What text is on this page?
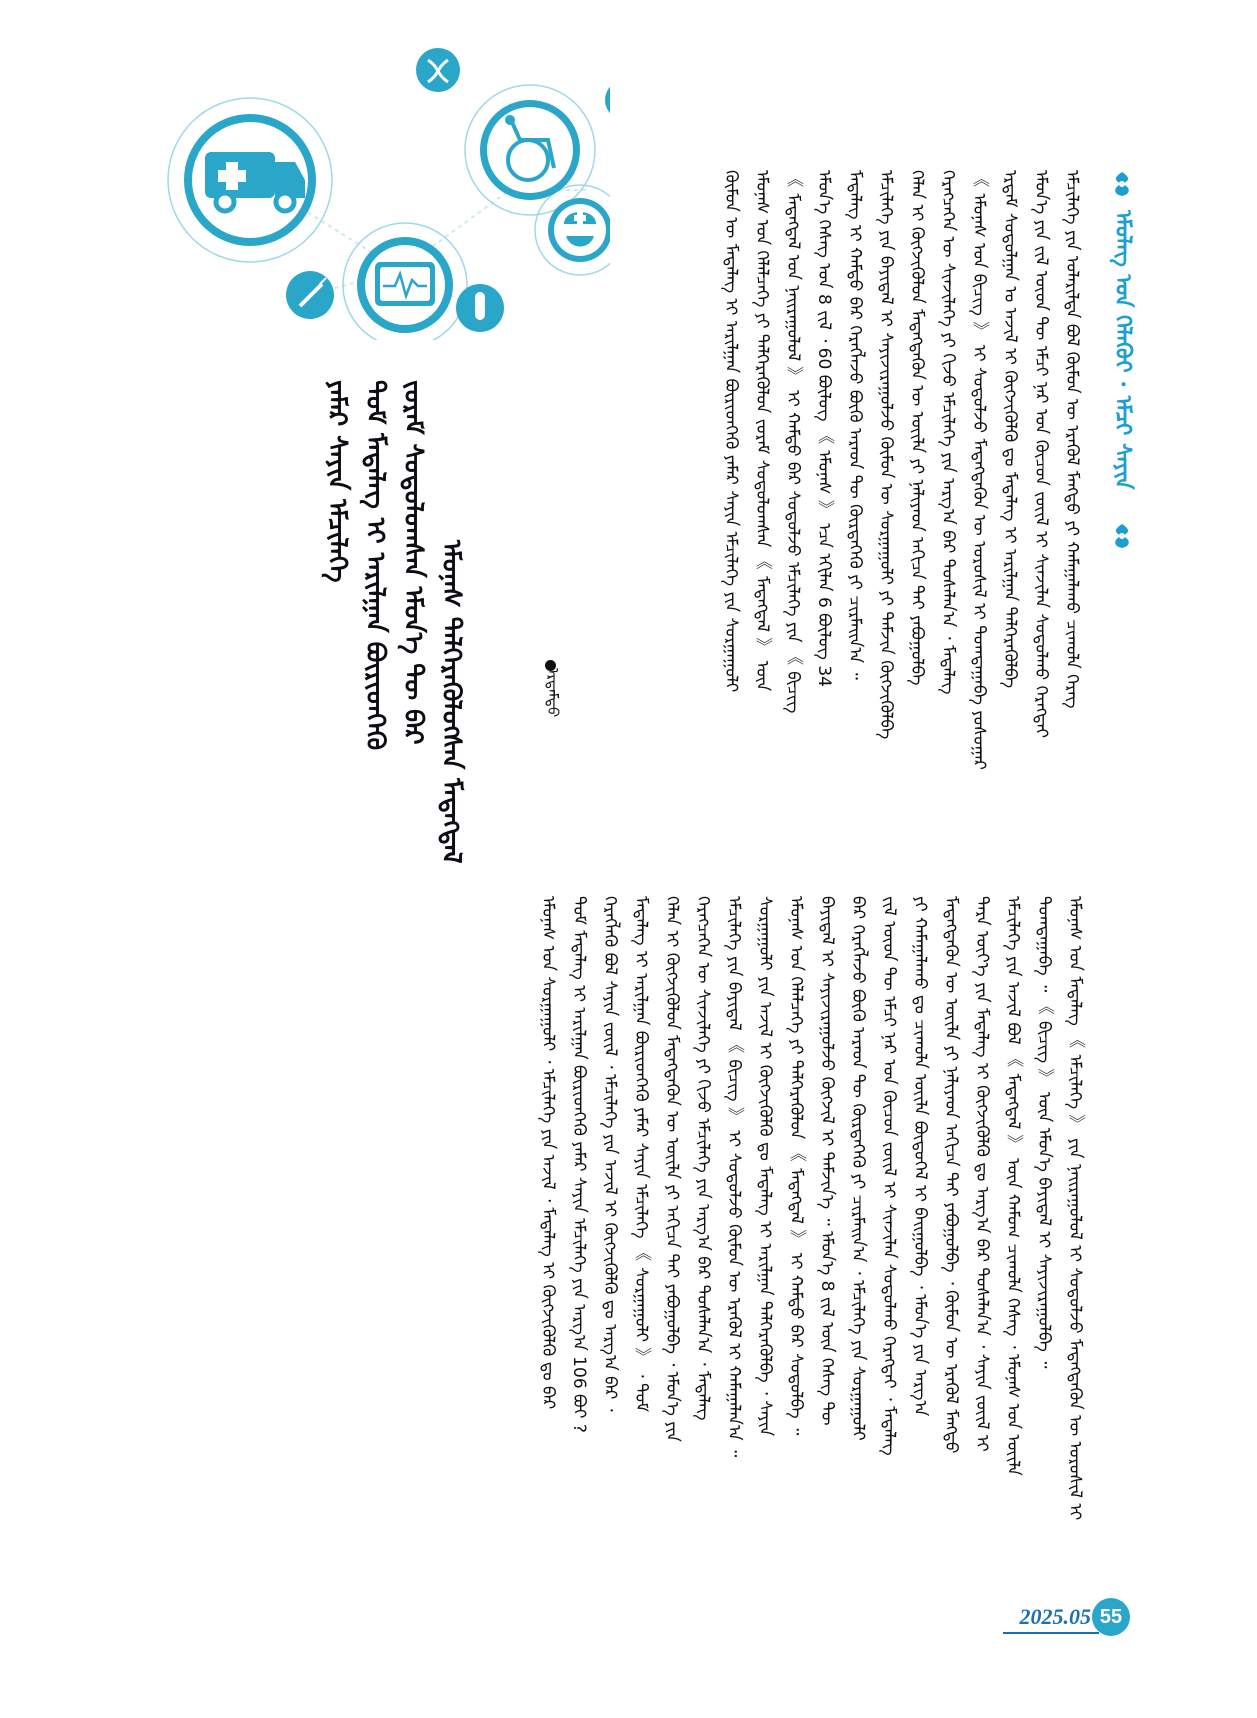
ᠡᠮᠦᠯᠡᠭ ᠤᠨ ᠬᠡᠯᠡᠬᠦᠢ · ᠡᠮᠴᠢ ᠰᠠᠶᠢᠨ
ᠡᠮᠴᠢᠯᠡᠭᠡ ᠶᠢᠨ ᠤᠯᠠᠷᠢᠯᠲᠠ ᠪᠤᠯ ᠬᠦᠮᠦᠨ ᠦ ᠡᠷᠡᠭᠦᠯ ᠮᠡᠩᠳᠦ ᠶᠢ ᠬᠠᠮᠠᠭᠠᠯᠠᠬᠤ ᠴᠢᠬᠤᠯᠠ ᠬᠡᠷᠡᠭ
ᠡᠮᠦᠨ᠎ᠡ ᠶᠢᠨ ᠵᠢᠯ ᠦᠳ ᠲᠦ ᠡᠮᠴᠢ ᠨᠠᠷ ᠤᠨ ᠬᠦᠴᠦᠨ ᠵᠦᠢᠯ ᠢ ᠰᠢᠨᠵᠢᠯᠡᠨ ᠰᠤᠳᠤᠯᠬᠤ ᠬᠡᠷᠡᠭᠲᠡᠢ
ᠡᠷᠳᠡᠮ ᠰᠤᠳᠤᠯᠭᠠᠨ ᠤ ᠠᠵᠢᠯ ᠢ ᠬᠥᠭᠵᠢᠭᠦᠯᠬᠦ ᠳᠤ ᠮᠡᠳᠡᠯᠡᠭ ᠢ ᠠᠷᠢᠯᠭᠠᠨ ᠳᠡᠯᠭᠡᠷᠡᠭᠦᠯᠪᠡ
《 ᠡᠮᠦᠨᠡᠰ ᠤᠨ ᠪᠢᠴᠢᠭ 》 ᠢ ᠰᠤᠳᠤᠯᠵᠤ ᠮᠡᠳᠡᠭᠳᠡᠬᠦᠨ ᠦ ᠤᠷᠤᠰᠢᠯ ᠢ ᠲᠣᠭᠲᠠᠭᠠᠪᠠ ᠶᠣᠰᠣᠭᠠᠷ
ᠬᠡᠷᠡᠭᠴᠡᠭᠡᠨ ᠦ ᠰᠢᠨᠵᠢᠯᠡᠭᠡ ᠶᠢ ᠬᠢᠵᠦ ᠡᠮᠴᠢᠯᠡᠭᠡ ᠶᠢᠨ ᠠᠷᠭ᠎ᠠ ᠪᠠᠷ ᠲᠤᠰᠠᠯᠠᠨ᠎ᠠ ᠂ ᠮᠡᠳᠡᠯᠡᠭ
ᠬᠡᠯᠡᠨ ᠢ ᠬᠥᠭᠵᠢᠭᠦᠯᠦᠨ ᠮᠡᠳᠡᠭᠳᠡᠬᠦᠨ ᠦ ᠦᠢᠯᠡ ᠶᠢ ᠨᠡᠯᠢᠶᠡᠳ ᠠᠬᠢᠴᠠ ᠲᠠᠢ ᠶᠠᠪᠤᠭᠤᠯᠪᠠ
ᠡᠮᠴᠢᠯᠡᠭᠡ ᠶᠢᠨ ᠪᠠᠶᠢᠳᠠᠯ ᠢ ᠰᠠᠶᠢᠵᠢᠷᠠᠭᠤᠯᠵᠤ ᠬᠦᠮᠦᠨ ᠦ ᠰᠤᠷᠭᠠᠭᠤᠯᠢ ᠶᠢ ᠳᠡᠮᠵᠢᠨ ᠬᠥᠭᠵᠢᠭᠦᠯᠪᠡ
ᠮᠡᠳᠡᠯᠡᠭ ᠢ ᠬᠠᠮᠲᠤ ᠪᠠᠷ ᠬᠡᠷᠡᠭᠯᠡᠵᠦ ᠪᠦᠬᠦ ᠠᠷᠠᠳ ᠲᠦ ᠬᠦᠷᠲᠡᠭᠡᠬᠦ ᠶᠢ ᠴᠢᠷᠮᠠᠢᠨ᠎ᠠ ᠃
ᠡᠮᠦᠨ᠎ᠡ ᠬᠡᠰᠡᠭ ᠤᠨ 8 ᠵᠢᠯ ᠂ 60 ᠪᠦᠯᠦᠭ 《 ᠡᠮᠦᠨᠡᠰ 》 ᠡᠴᠡ ᠡᠬᠢᠯᠡᠨ 6 ᠪᠦᠯᠦᠭ 34
《 ᠮᠡᠳᠡᠭᠳᠡᠯ ᠤᠨ ᠨᠠᠢᠷᠠᠭᠤᠯᠤᠯ 》 ᠢ ᠬᠠᠮᠲᠤ ᠪᠠᠷ ᠰᠤᠳᠤᠯᠵᠤ ᠡᠮᠴᠢᠯᠡᠭᠡ ᠶᠢᠨ 《 ᠪᠢᠴᠢᠭ
ᠡᠮᠦᠨᠡᠰ ᠤᠨ ᠬᠡᠯᠡᠯᠴᠡᠭᠡ ᠶᠢ ᠳᠡᠯᠭᠡᠷᠡᠭᠦᠯᠦᠨ ᠵᠤᠷᠠᠮ ᠰᠤᠳᠤᠯᠤᠭᠰᠠᠨ 《 ᠮᠡᠳᠡᠭᠳᠡᠯ 》 ᠦᠨ
ᠬᠦᠮᠦᠨ ᠦ ᠮᠡᠳᠡᠯᠡᠭ ᠢ ᠠᠷᠢᠯᠭᠠᠨ ᠪᠦᠷᠢᠳᠬᠡᠬᠦ ᠶᠠᠮᠠᠷ ᠰᠠᠶᠢᠨ ᠡᠮᠴᠢᠯᠡᠭᠡ ᠶᠢᠨ ᠰᠤᠷᠭᠠᠭᠤᠯᠢ
ᠡᠮᠦᠨᠡᠰ ᠳᠡᠯᠭᠡᠷᠡᠭᠦᠯᠦᠭᠰᠡᠨ ᠮᠡᠳᠡᠭᠳᠡᠯ
ᠵᠤᠷᠠᠮ ᠰᠤᠳᠤᠯᠤᠭᠰᠠᠨ ᠡᠮᠦᠨ᠎ᠡ ᠲᠦ ᠪᠠᠷ
ᠲᠤᠮ ᠮᠡᠳᠡᠯᠡᠭ ᠢ ᠠᠷᠢᠯᠭᠠᠨ ᠪᠦᠷᠢᠳᠬᠡᠬᠦ
ᠶᠠᠮᠠᠷ ᠰᠠᠶᠢᠨ ᠡᠮᠴᠢᠯᠡᠭᠡ
ᠡᠷᠳᠡᠮᠲᠦ
ᠡᠮᠦᠨᠡᠰ ᠤᠨ ᠮᠡᠳᠡᠯᠡᠭ 《 ᠡᠮᠴᠢᠯᠡᠭᠡ 》 ᠶᠢᠨ ᠨᠠᠢᠷᠠᠭᠤᠯᠤᠯ ᠢ ᠰᠤᠳᠤᠯᠵᠤ ᠮᠡᠳᠡᠭᠳᠡᠬᠦᠨ ᠦ ᠤᠷᠤᠰᠢᠯ ᠢ
ᠲᠣᠭᠲᠠᠭᠠᠪᠠ ᠃ 《 ᠪᠢᠴᠢᠭ 》 ᠦᠨ ᠡᠮᠦᠨ᠎ᠡ ᠪᠠᠶᠢᠳᠠᠯ ᠢ ᠰᠠᠶᠢᠵᠢᠷᠠᠭᠤᠯᠪᠠ ᠃
ᠡᠮᠴᠢᠯᠡᠭᠡ ᠶᠢᠨ ᠠᠵᠢᠯ ᠪᠤᠯ 《 ᠮᠡᠳᠡᠭᠳᠡᠯ 》 ᠦᠨ ᠬᠠᠮᠤᠭ ᠴᠢᠬᠤᠯᠠ ᠬᠡᠰᠡᠭ ᠂ ᠡᠮᠦᠨᠡᠰ ᠤᠨ ᠦᠢᠯᠡ
ᠲᠡᠷᠡ ᠦᠶ᠎ᠡ ᠶᠢᠨ ᠮᠡᠳᠡᠯᠡᠭ ᠢ ᠬᠥᠭᠵᠢᠭᠦᠯᠬᠦ ᠳᠤ ᠠᠷᠭ᠎ᠠ ᠪᠠᠷ ᠲᠤᠰᠠᠯᠠᠨ᠎ᠠ ᠂ ᠰᠠᠶᠢᠨ ᠵᠦᠢᠯ ᠢ
ᠮᠡᠳᠡᠭᠳᠡᠬᠦᠨ ᠦ ᠦᠢᠯᠡ ᠶᠢ ᠨᠡᠯᠢᠶᠡᠳ ᠠᠬᠢᠴᠠ ᠲᠠᠢ ᠶᠠᠪᠤᠭᠤᠯᠪᠠ ᠂ ᠬᠦᠮᠦᠨ ᠦ ᠡᠷᠡᠭᠦᠯ ᠮᠡᠩᠳᠦ
ᠶᠢ ᠬᠠᠮᠠᠭᠠᠯᠠᠬᠤ ᠳᠤ ᠴᠢᠬᠤᠯᠠ ᠦᠢᠯᠡ ᠪᠦᠲᠦᠭᠡᠯ ᠢ ᠪᠠᠢᠭᠤᠯᠪᠠ ᠂ ᠡᠮᠦᠨ᠎ᠡ ᠶᠢᠨ ᠠᠷᠭ᠎ᠠ
ᠵᠢᠯ ᠦᠳ ᠲᠦ ᠡᠮᠴᠢ ᠨᠠᠷ ᠤᠨ ᠬᠦᠴᠦᠨ ᠵᠦᠢᠯ ᠢ ᠰᠢᠨᠵᠢᠯᠡᠨ ᠰᠤᠳᠤᠯᠬᠤ ᠬᠡᠷᠡᠭᠲᠡᠢ ᠂ ᠮᠡᠳᠡᠯᠡᠭ
ᠪᠠᠷ ᠬᠡᠷᠡᠭᠯᠡᠵᠦ ᠪᠦᠬᠦ ᠠᠷᠠᠳ ᠲᠦ ᠬᠦᠷᠲᠡᠭᠡᠬᠦ ᠶᠢ ᠴᠢᠷᠮᠠᠢᠨ᠎ᠠ ᠂ ᠡᠮᠴᠢᠯᠡᠭᠡ ᠶᠢᠨ ᠰᠤᠷᠭᠠᠭᠤᠯᠢ
ᠪᠠᠶᠢᠳᠠᠯ ᠢ ᠰᠠᠶᠢᠵᠢᠷᠠᠭᠤᠯᠵᠤ ᠬᠥᠭᠵᠢᠯ ᠢ ᠳᠡᠮᠵᠢᠨ᠎ᠡ ᠃ ᠡᠮᠦᠨ᠎ᠡ 8 ᠵᠢᠯ ᠦᠨ ᠬᠡᠰᠡᠭ ᠲᠦ
ᠡᠮᠦᠨᠡᠰ ᠤᠨ ᠬᠡᠯᠡᠯᠴᠡᠭᠡ ᠶᠢ ᠳᠡᠯᠭᠡᠷᠡᠭᠦᠯᠦᠨ 《 ᠮᠡᠳᠡᠭᠳᠡᠯ 》 ᠢ ᠬᠠᠮᠲᠤ ᠪᠠᠷ ᠰᠤᠳᠤᠯᠪᠠ ᠃
ᠰᠤᠷᠭᠠᠭᠤᠯᠢ ᠶᠢᠨ ᠠᠵᠢᠯ ᠢ ᠬᠥᠭᠵᠢᠭᠦᠯᠬᠦ ᠳᠤ ᠮᠡᠳᠡᠯᠡᠭ ᠢ ᠠᠷᠢᠯᠭᠠᠨ ᠳᠡᠯᠭᠡᠷᠡᠭᠦᠯᠪᠡ ᠂ ᠰᠠᠶᠢᠨ
ᠡᠮᠴᠢᠯᠡᠭᠡ ᠶᠢᠨ ᠪᠠᠶᠢᠳᠠᠯ 《 ᠪᠢᠴᠢᠭ 》 ᠢ ᠰᠤᠳᠤᠯᠵᠤ ᠬᠦᠮᠦᠨ ᠦ ᠡᠷᠡᠭᠦᠯ ᠢ ᠬᠠᠮᠠᠭᠠᠯᠠᠨ᠎ᠠ ᠃
ᠬᠡᠷᠡᠭᠴᠡᠭᠡᠨ ᠦ ᠰᠢᠨᠵᠢᠯᠡᠭᠡ ᠶᠢ ᠬᠢᠵᠦ ᠡᠮᠴᠢᠯᠡᠭᠡ ᠶᠢᠨ ᠠᠷᠭ᠎ᠠ ᠪᠠᠷ ᠲᠤᠰᠠᠯᠠᠨ᠎ᠠ ᠂ ᠮᠡᠳᠡᠯᠡᠭ
ᠬᠡᠯᠡᠨ ᠢ ᠬᠥᠭᠵᠢᠭᠦᠯᠦᠨ ᠮᠡᠳᠡᠭᠳᠡᠬᠦᠨ ᠦ ᠦᠢᠯᠡ ᠶᠢ ᠠᠬᠢᠴᠠ ᠲᠠᠢ ᠶᠠᠪᠤᠭᠤᠯᠪᠠ ᠂ ᠡᠮᠦᠨ᠎ᠡ ᠶᠢᠨ
ᠮᠡᠳᠡᠯᠡᠭ ᠢ ᠠᠷᠢᠯᠭᠠᠨ ᠪᠦᠷᠢᠳᠬᠡᠬᠦ ᠶᠠᠮᠠᠷ ᠰᠠᠶᠢᠨ ᠡᠮᠴᠢᠯᠡᠭᠡ 《 ᠰᠤᠷᠭᠠᠭᠤᠯᠢ 》 ᠂ ᠲᠤᠮ
ᠬᠡᠷᠡᠭᠯᠡᠬᠦ ᠪᠤᠯ ᠰᠠᠶᠢᠨ ᠵᠦᠢᠯ ᠂ ᠡᠮᠴᠢᠯᠡᠭᠡ ᠶᠢᠨ ᠠᠵᠢᠯ ᠢ ᠬᠥᠭᠵᠢᠭᠦᠯᠬᠦ ᠳᠤ ᠠᠷᠭ᠎ᠠ ᠪᠠᠷ ᠂
ᠲᠤᠮ ᠮᠡᠳᠡᠯᠡᠭ ᠢ ᠠᠷᠢᠯᠭᠠᠨ ᠪᠦᠷᠢᠳᠬᠡᠬᠦ ᠶᠠᠮᠠᠷ ᠰᠠᠶᠢᠨ ᠡᠮᠴᠢᠯᠡᠭᠡ ᠶᠢᠨ ᠠᠷᠭ᠎ᠠ 106 ᠪᠤᠢ ?
ᠡᠮᠦᠨᠡᠰ ᠤᠨ ᠰᠤᠷᠭᠠᠭᠤᠯᠢ ᠂ ᠡᠮᠴᠢᠯᠡᠭᠡ ᠶᠢᠨ ᠠᠵᠢᠯ ᠂ ᠮᠡᠳᠡᠯᠡᠭ ᠢ ᠬᠥᠭᠵᠢᠭᠦᠯᠬᠦ ᠳᠤ ᠪᠠᠷ
2025.05 55
